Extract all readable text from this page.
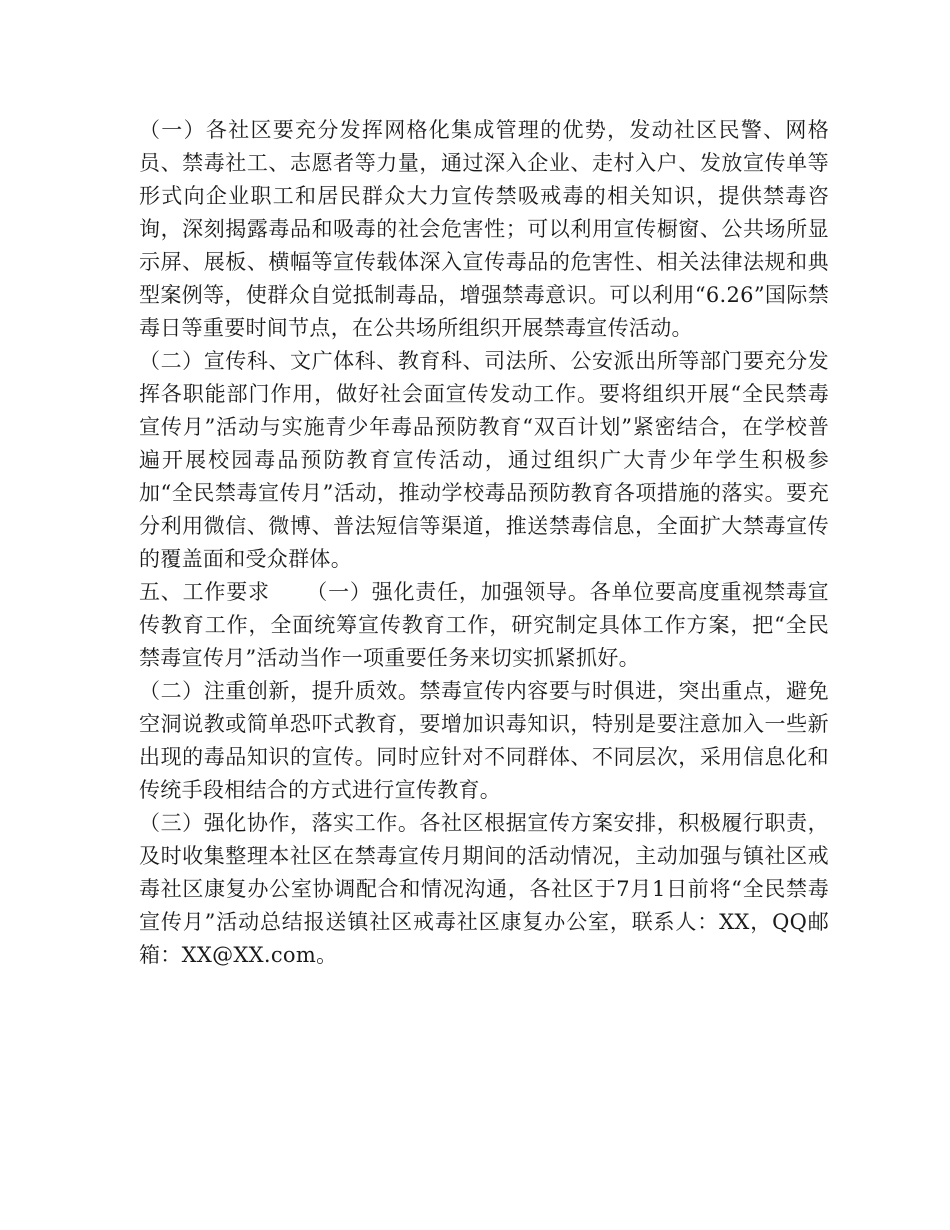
（一）各社区要充分发挥网格化集成管理的优势，发动社区民警、网格员、禁毒社工、志愿者等力量，通过深入企业、走村入户、发放宣传单等形式向企业职工和居民群众大力宣传禁吸戒毒的相关知识，提供禁毒咨询，深刻揭露毒品和吸毒的社会危害性；可以利用宣传橱窗、公共场所显示屏、展板、横幅等宣传载体深入宣传毒品的危害性、相关法律法规和典型案例等，使群众自觉抵制毒品，增强禁毒意识。可以利用“6.26”国际禁毒日等重要时间节点，在公共场所组织开展禁毒宣传活动。

（二）宣传科、文广体科、教育科、司法所、公安派出所等部门要充分发挥各职能部门作用，做好社会面宣传发动工作。要将组织开展“全民禁毒宣传月”活动与实施青少年毒品预防教育“双百计划”紧密结合，在学校普遍开展校园毒品预防教育宣传活动，通过组织广大青少年学生积极参加“全民禁毒宣传月”活动，推动学校毒品预防教育各项措施的落实。要充分利用微信、微博、普法短信等渠道，推送禁毒信息，全面扩大禁毒宣传的覆盖面和受众群体。

五、工作要求 （一）强化责任，加强领导。各单位要高度重视禁毒宣传教育工作，全面统筹宣传教育工作，研究制定具体工作方案，把“全民禁毒宣传月”活动当作一项重要任务来切实抓紧抓好。

（二）注重创新，提升质效。禁毒宣传内容要与时俱进，突出重点，避免空洞说教或简单恐吓式教育，要增加识毒知识，特别是要注意加入一些新出现的毒品知识的宣传。同时应针对不同群体、不同层次，采用信息化和传统手段相结合的方式进行宣传教育。

（三）强化协作，落实工作。各社区根据宣传方案安排，积极履行职责，及时收集整理本社区在禁毒宣传月期间的活动情况，主动加强与镇社区戒毒社区康复办公室协调配合和情况沟通，各社区于7月1日前将“全民禁毒宣传月”活动总结报送镇社区戒毒社区康复办公室，联系人：XX，QQ邮箱：XX@XX.com。
